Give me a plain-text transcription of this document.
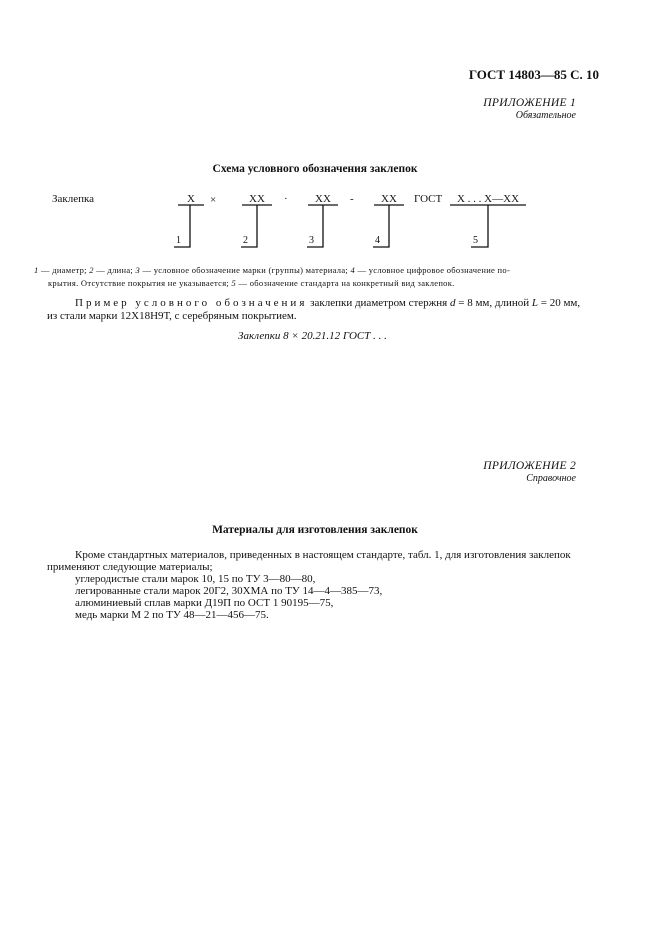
ГОСТ 14803—85 С. 10
ПРИЛОЖЕНИЕ 1
Обязательное
Схема условного обозначения заклепок
Заклепка	Х	×	ХХ	·	ХХ	-	ХХ	ГОСТ	Х . . . Х—ХХ
1	2	3	4	5
1 — диаметр; 2 — длина; 3 — условное обозначение марки (группы) материала; 4 — условное цифровое обозначение по-
крытия. Отсутствие покрытия не указывается; 5 — обозначение стандарта на конкретный вид заклепок.
Пример условного обозначения заклепки диаметром стержня d = 8 мм, длиной L = 20 мм,
из стали марки 12Х18Н9Т, с серебряным покрытием.
Заклепки 8 × 20.21.12 ГОСТ . . .
ПРИЛОЖЕНИЕ 2
Справочное
Материалы для изготовления заклепок
Кроме стандартных материалов, приведенных в настоящем стандарте, табл. 1, для изготовления заклепок
применяют следующие материалы;
углеродистые стали марок 10, 15 по ТУ 3—80—80,
легированные стали марок 20Г2, 30ХМА по ТУ 14—4—385—73,
алюминиевый сплав марки Д19П по ОСТ 1 90195—75,
медь марки М 2 по ТУ 48—21—456—75.
